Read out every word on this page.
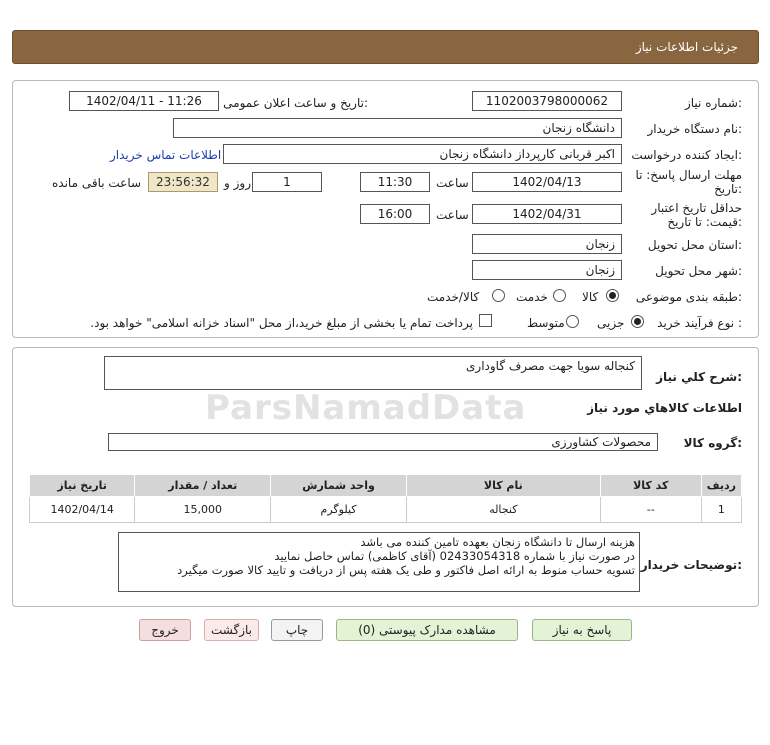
جزئیات اطلاعات نیاز
شماره نیاز:
1102003798000062
تاریخ و ساعت اعلان عمومی:
1402/04/11 - 11:26
نام دستگاه خریدار:
دانشگاه زنجان
ایجاد کننده درخواست:
اکبر قربانی کارپرداز دانشگاه زنجان
اطلاعات تماس خریدار
مهلت ارسال پاسخ: تا
تاریخ:
1402/04/13
ساعت
11:30
1
روز و
23:56:32
ساعت باقی مانده
حداقل تاریخ اعتبار
قیمت: تا تاریخ:
1402/04/31
ساعت
16:00
استان محل تحویل:
زنجان
شهر محل تحویل:
زنجان
طبقه بندی موضوعی:
کالا
خدمت
کالا/خدمت
نوع فرآیند خرید :
جزیی
متوسط
پرداخت تمام یا بخشی از مبلغ خرید،از محل "اسناد خزانه اسلامی" خواهد بود.
شرح کلي نياز:
کنجاله سویا جهت مصرف گاوداری
ParsNamadData	اطلاعات کالاهاي مورد نياز
گروه کالا:
محصولات کشاورزی
ردیف	کد کالا	نام کالا	واحد شمارش	تعداد / مقدار	تاریخ نیاز
1	--	کنجاله	کیلوگرم	15,000	1402/04/14
توضیحات خریدار:
هزینه ارسال تا دانشگاه زنجان بعهده تامین کننده می باشد
در صورت نیاز با شماره 02433054318 (آقای کاظمی) تماس حاصل نمایید
تسویه حساب منوط به ارائه اصل فاکتور و طی یک هفته پس از دریافت و تایید کالا صورت میگیرد
پاسخ به نیاز
مشاهده مدارک پیوستی (0)
چاپ
بازگشت
خروج
